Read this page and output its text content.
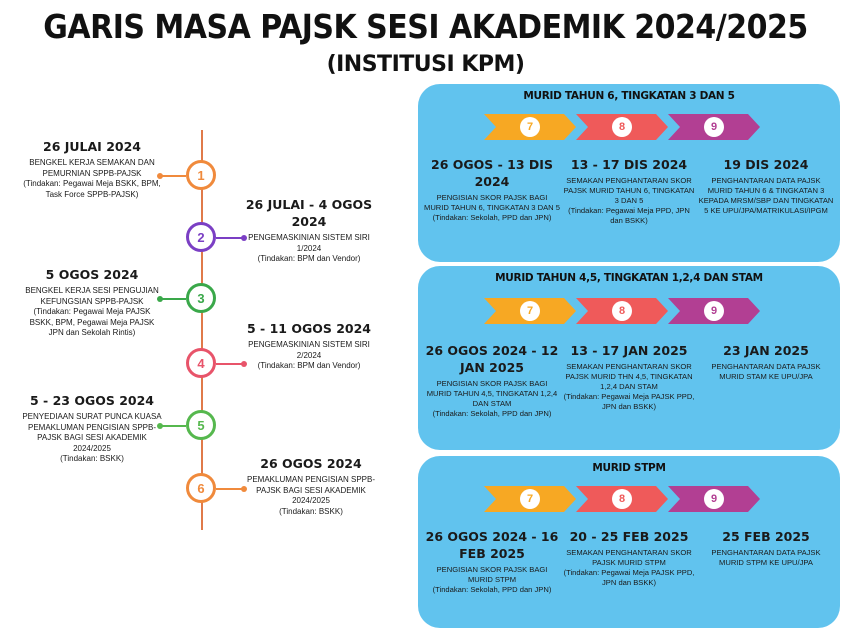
GARIS MASA PAJSK SESI AKADEMIK 2024/2025
(INSTITUSI KPM)
1
26 JULAI 2024
BENGKEL KERJA SEMAKAN DAN PEMURNIAN SPPB-PAJSK
(Tindakan: Pegawai Meja BSKK, BPM, Task Force SPPB-PAJSK)
2
26 JULAI - 4 OGOS 2024
PENGEMASKINIAN SISTEM SIRI 1/2024
(Tindakan: BPM dan Vendor)
3
5 OGOS 2024
BENGKEL KERJA SESI PENGUJIAN KEFUNGSIAN SPPB-PAJSK
(Tindakan: Pegawai Meja PAJSK BSKK, BPM, Pegawai Meja PAJSK JPN dan Sekolah Rintis)
4
5 - 11 OGOS 2024
PENGEMASKINIAN SISTEM SIRI 2/2024
(Tindakan: BPM dan Vendor)
5
5 - 23 OGOS 2024
PENYEDIAAN SURAT PUNCA KUASA PEMAKLUMAN PENGISIAN SPPB-PAJSK BAGI SESI AKADEMIK 2024/2025
(Tindakan: BSKK)
6
26 OGOS 2024
PEMAKLUMAN PENGISIAN SPPB-PAJSK BAGI SESI AKADEMIK 2024/2025
(Tindakan: BSKK)
MURID TAHUN 6, TINGKATAN 3 DAN 5
7	8	9
26 OGOS - 13 DIS 2024
PENGISIAN SKOR PAJSK BAGI MURID TAHUN 6, TINGKATAN 3 DAN 5
(Tindakan: Sekolah, PPD dan JPN)
13 - 17 DIS 2024
SEMAKAN PENGHANTARAN SKOR PAJSK MURID TAHUN 6, TINGKATAN 3 DAN 5
(Tindakan: Pegawai Meja PPD, JPN dan BSKK)
19 DIS 2024
PENGHANTARAN DATA PAJSK MURID TAHUN 6 & TINGKATAN 3 KEPADA MRSM/SBP DAN TINGKATAN 5 KE UPU/JPA/MATRIKULASI/IPGM
MURID TAHUN 4,5, TINGKATAN 1,2,4 DAN STAM
7	8	9
26 OGOS 2024 - 12 JAN 2025
PENGISIAN SKOR PAJSK BAGI MURID TAHUN 4,5, TINGKATAN 1,2,4 DAN STAM
(Tindakan: Sekolah, PPD dan JPN)
13 - 17 JAN 2025
SEMAKAN PENGHANTARAN SKOR PAJSK MURID THN 4,5, TINGKATAN 1,2,4 DAN STAM
(Tindakan: Pegawai Meja PAJSK PPD, JPN dan BSKK)
23 JAN 2025
PENGHANTARAN DATA PAJSK MURID STAM KE UPU/JPA
MURID STPM
7	8	9
26 OGOS 2024 - 16 FEB 2025
PENGISIAN SKOR PAJSK BAGI MURID STPM
(Tindakan: Sekolah, PPD dan JPN)
20 - 25 FEB 2025
SEMAKAN PENGHANTARAN SKOR PAJSK MURID STPM
(Tindakan: Pegawai Meja PAJSK PPD, JPN dan BSKK)
25 FEB 2025
PENGHANTARAN DATA PAJSK MURID STPM KE UPU/JPA
